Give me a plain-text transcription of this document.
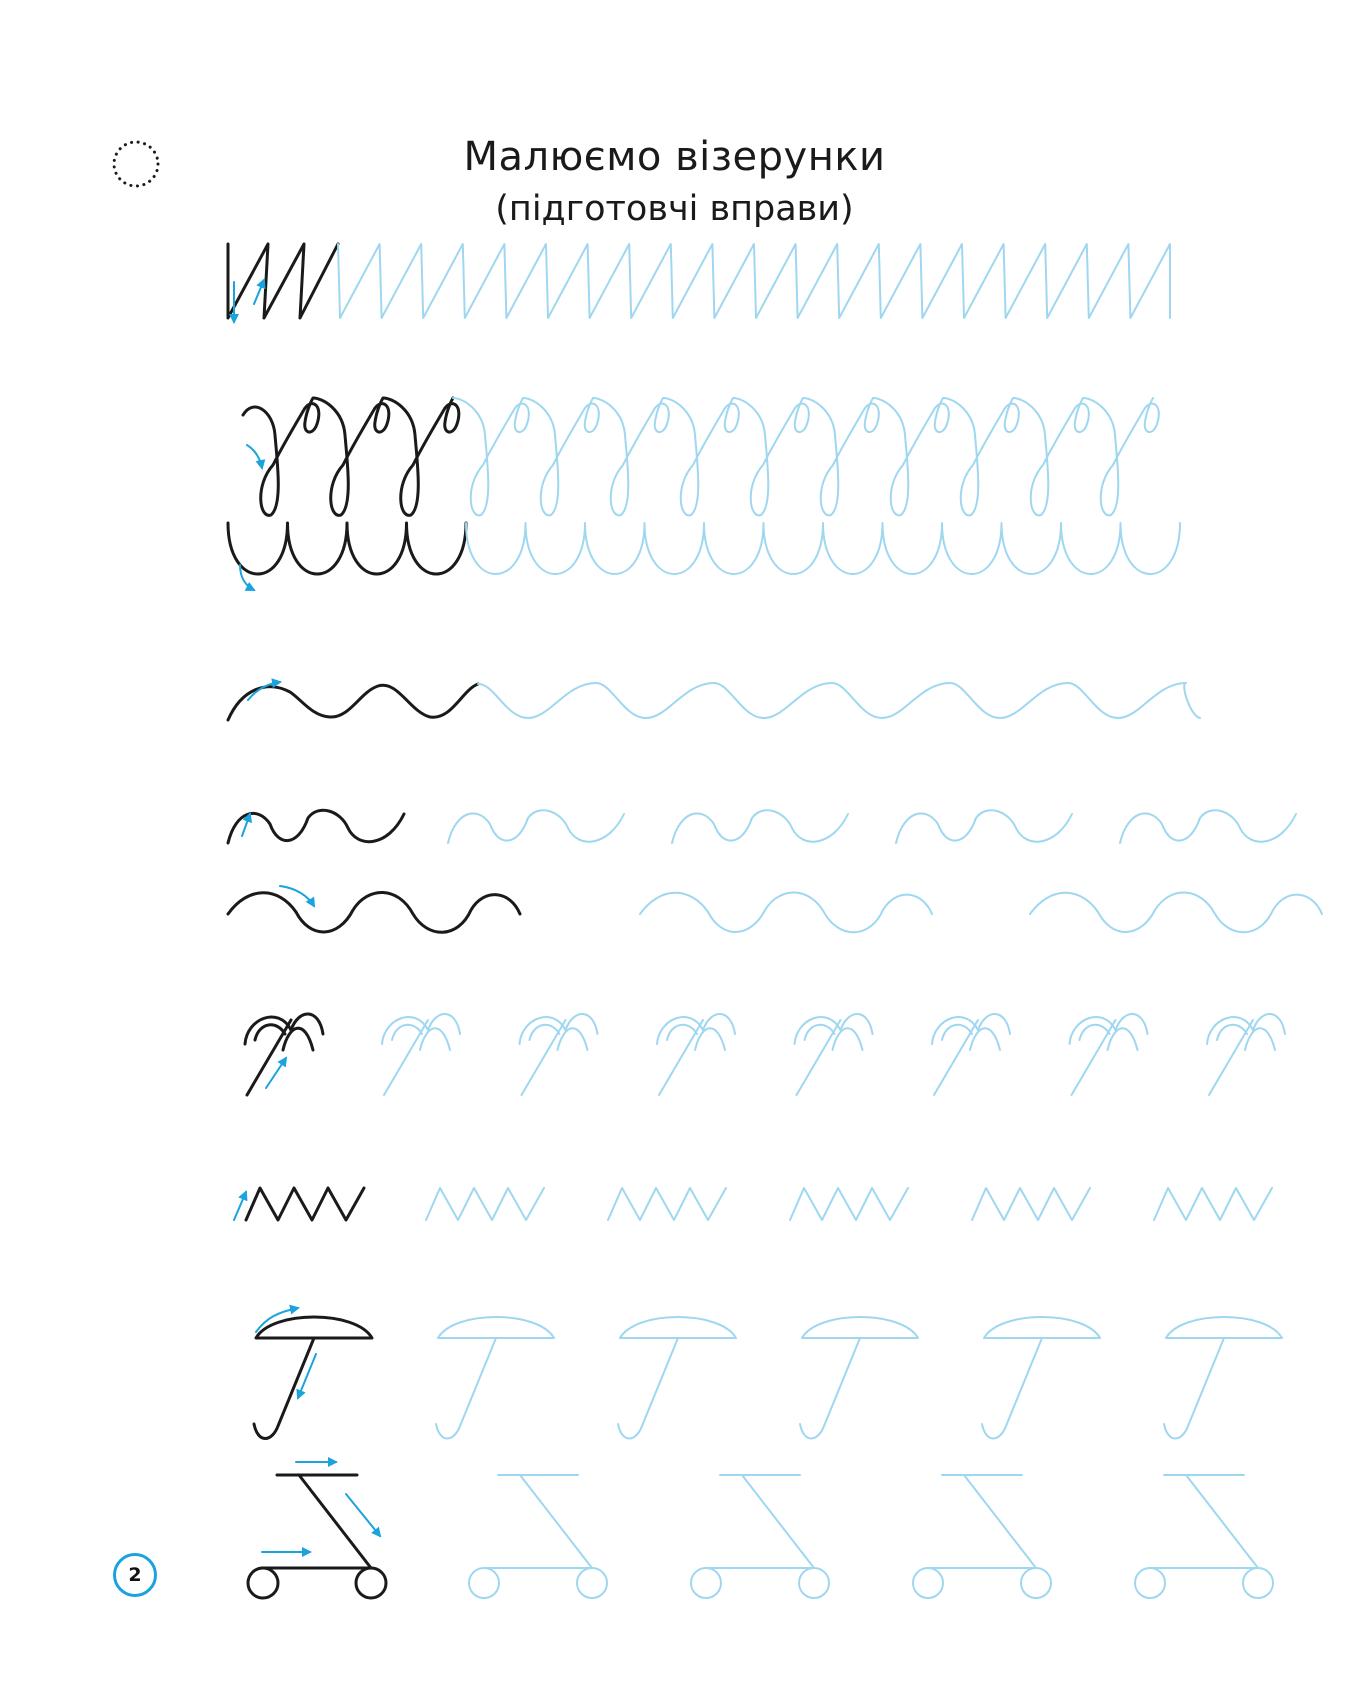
Малюємо візерунки
(підготовчі вправи)
2
